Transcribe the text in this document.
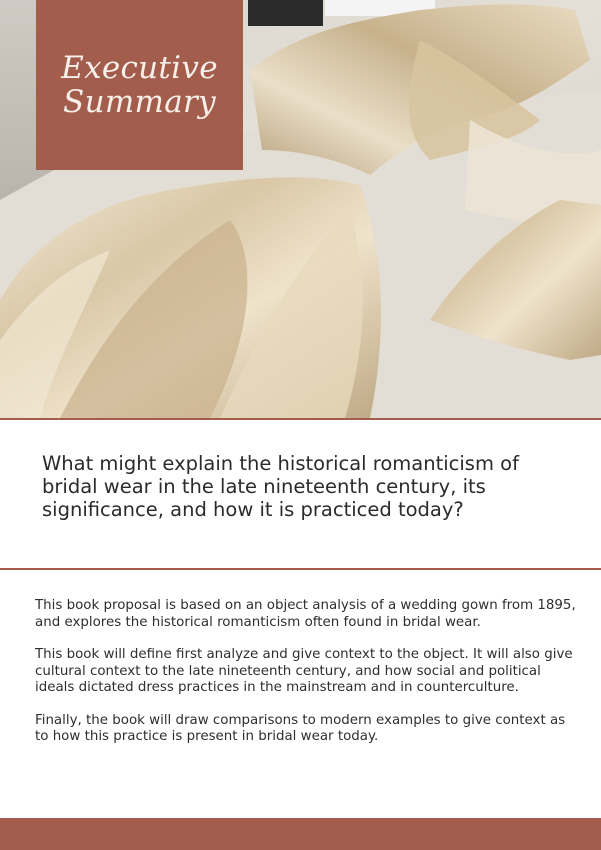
Executive
Summary
What might explain the historical romanticism of bridal wear in the late nineteenth century, its significance, and how it is practiced today?

This book proposal is based on an object analysis of a wedding gown from 1895, and explores the historical romanticism often found in bridal wear.

This book will define first analyze and give context to the object. It will also give cultural context to the late nineteenth century, and how social and political ideals dictated dress practices in the mainstream and in counterculture.

Finally, the book will draw comparisons to modern examples to give context as to how this practice is present in bridal wear today.
